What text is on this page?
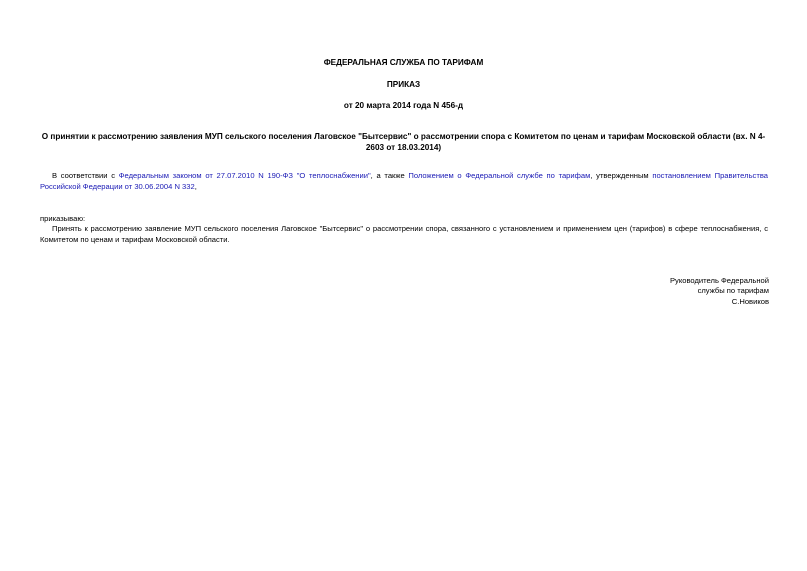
ФЕДЕРАЛЬНАЯ СЛУЖБА ПО ТАРИФАМ
ПРИКАЗ
от 20 марта 2014 года N 456-д
О принятии к рассмотрению заявления МУП сельского поселения Лаговское "Бытсервис" о рассмотрении спора с Комитетом по ценам и тарифам Московской области (вх. N 4-2603 от 18.03.2014)
В соответствии с Федеральным законом от 27.07.2010 N 190-ФЗ "О теплоснабжении", а также Положением о Федеральной службе по тарифам, утвержденным постановлением Правительства Российской Федерации от 30.06.2004 N 332,
приказываю:
Принять к рассмотрению заявление МУП сельского поселения Лаговское "Бытсервис" о рассмотрении спора, связанного с установлением и применением цен (тарифов) в сфере теплоснабжения, с Комитетом по ценам и тарифам Московской области.
Руководитель Федеральной
службы по тарифам
С.Новиков
